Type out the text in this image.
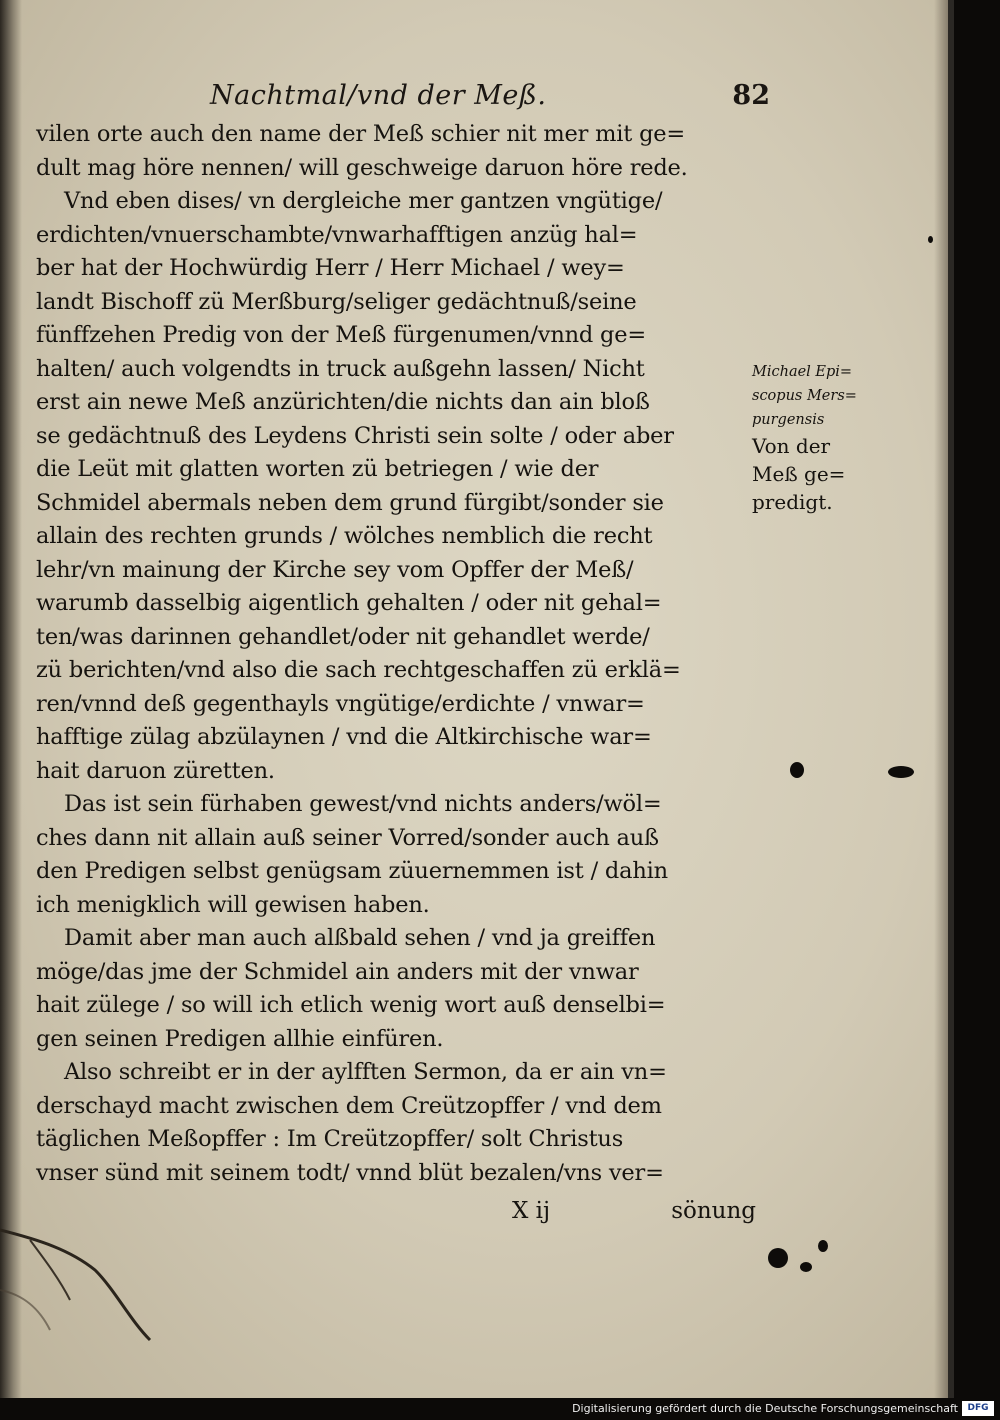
Nachtmal/vnd der Meß.	82
vilen orte auch den name der Meß schier nit mer mit ge=
dult mag höre nennen/ will geschweige daruon höre rede.
Vnd eben dises/ vn dergleiche mer gantzen vngütige/
erdichten/vnuerschambte/vnwarhafftigen anzüg hal=
ber hat der Hochwürdig Herr / Herr Michael / wey=
landt Bischoff zü Merßburg/seliger gedächtnuß/seine
fünffzehen Predig von der Meß fürgenumen/vnnd ge=
halten/ auch volgendts in truck außgehn lassen/ Nicht
erst ain newe Meß anzürichten/die nichts dan ain bloß
se gedächtnuß des Leydens Christi sein solte / oder aber
die Leüt mit glatten worten zü betriegen / wie der
Schmidel abermals neben dem grund fürgibt/sonder sie
allain des rechten grunds / wölches nemblich die recht
lehr/vn mainung der Kirche sey vom Opffer der Meß/
warumb dasselbig aigentlich gehalten / oder nit gehal=
ten/was darinnen gehandlet/oder nit gehandlet werde/
zü berichten/vnd also die sach rechtgeschaffen zü erklä=
ren/vnnd deß gegenthayls vngütige/erdichte / vnwar=
hafftige zülag abzülaynen / vnd die Altkirchische war=
hait daruon züretten.
Das ist sein fürhaben gewest/vnd nichts anders/wöl=
ches dann nit allain auß seiner Vorred/sonder auch auß
den Predigen selbst genügsam züuernemmen ist / dahin
ich menigklich will gewisen haben.
Damit aber man auch alßbald sehen / vnd ja greiffen
möge/das jme der Schmidel ain anders mit der vnwar
hait zülege / so will ich etlich wenig wort auß denselbi=
gen seinen Predigen allhie einfüren.
Also schreibt er in der aylfften Sermon, da er ain vn=
derschayd macht zwischen dem Creützopffer / vnd dem
täglichen Meßopffer : Im Creützopffer/ solt Christus
vnser sünd mit seinem todt/ vnnd blüt bezalen/vns ver=
X ij	sönung
Michael Epi=
scopus Mers=
purgensis
Von der
Meß ge=
predigt.
Digitalisierung gefördert durch die Deutsche Forschungsgemeinschaft	DFG
